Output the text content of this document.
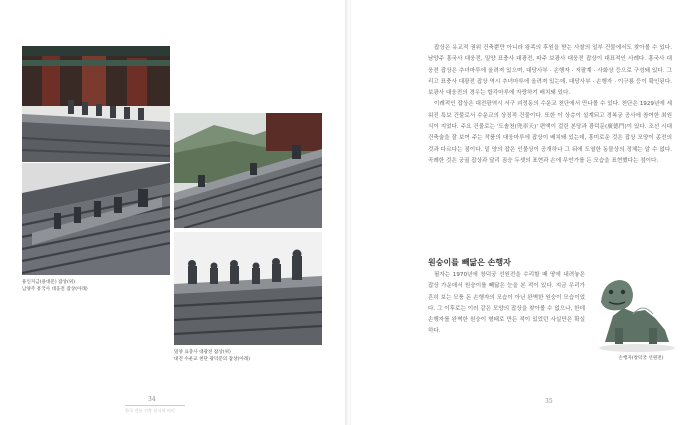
용인지금(용대문) 잡상(위)
남양주 흥국사 대웅전 잡상(아래)
밀양 표충사 대광전 잡상(위)
대전 수운교 천단 광덕문의 잡상(아래)
34
한국 전통 건축 장식의 의미

잡상은 유교적 권위 건축뿐만 아니라 왕족의 후원을 받는 사찰의 일부 건물에서도 찾아볼 수 있다. 남양주 흥국사 대웅전, 밀양 표충사 대광전, 파주 보광사 대웅전 잡상이 대표적인 사례다. 흥국사 대웅전 잡상은 추녀마루에 올려져 있으며, 대당사부 · 손행자 · 저팔계 · 사화상 등으로 구성돼 있다. 그리고 표충사 대광전 잡상 역시 추녀마루에 올려져 있는데, 대당사부 · 손행자 · 이구룡 등이 확인된다. 보광사 대웅전의 경우는 합각마루에 자랑하기 배치돼 있다.

이례적인 잡상은 대전광역시 서구 괴정동의 수운교 천단에서 만나볼 수 있다. 천단은 1929년에 세워진 특보 건물로서 수운교의 상징적 건물이다. 또한 이 상층이 설계되고 경복궁 공사에 참여한 최원식이 지었다. 주요 건물로는 '도솔천(兜率天)' 편액이 걸린 본당과 광덕문(廣德門)이 있다. 조선 시대 건축술을 잘 보여 주는 작품의 대웅마루에 잡상이 배치돼 있는데, 흥미로운 것은 잡상 모양이 종전의 것과 다르다는 점이다. 밑 양의 잡은 인물상이 공개하나 그 뒤에 도열한 동물상의 정체는 알 수 없다. 곡례한 것은 궁궐 잡상과 달리 짐승 두셋의 표현과 손에 무언가를 든 모습을 표현했다는 점이다.

원숭이를 빼닮은 손행자

필자는 1970년에 창덕궁 선원전을 수리할 때 땅에 내려놓은 잡상 가운데서 원숭이를 빼닮은 눈을 본 적이 있다. 지금 우리가 흔히 보는 모퉁 돈 손행자의 모습이 아닌 완벽한 원숭이 모습이었다. 그 이후로는 이러 같은 모양의 잡상을 찾아볼 수 없으나, 한데 손행자를 완벽한 원숭이 형태로 만든 적이 있었던 사실만은 확실하다.

손행자(창덕궁 선원전)
35
